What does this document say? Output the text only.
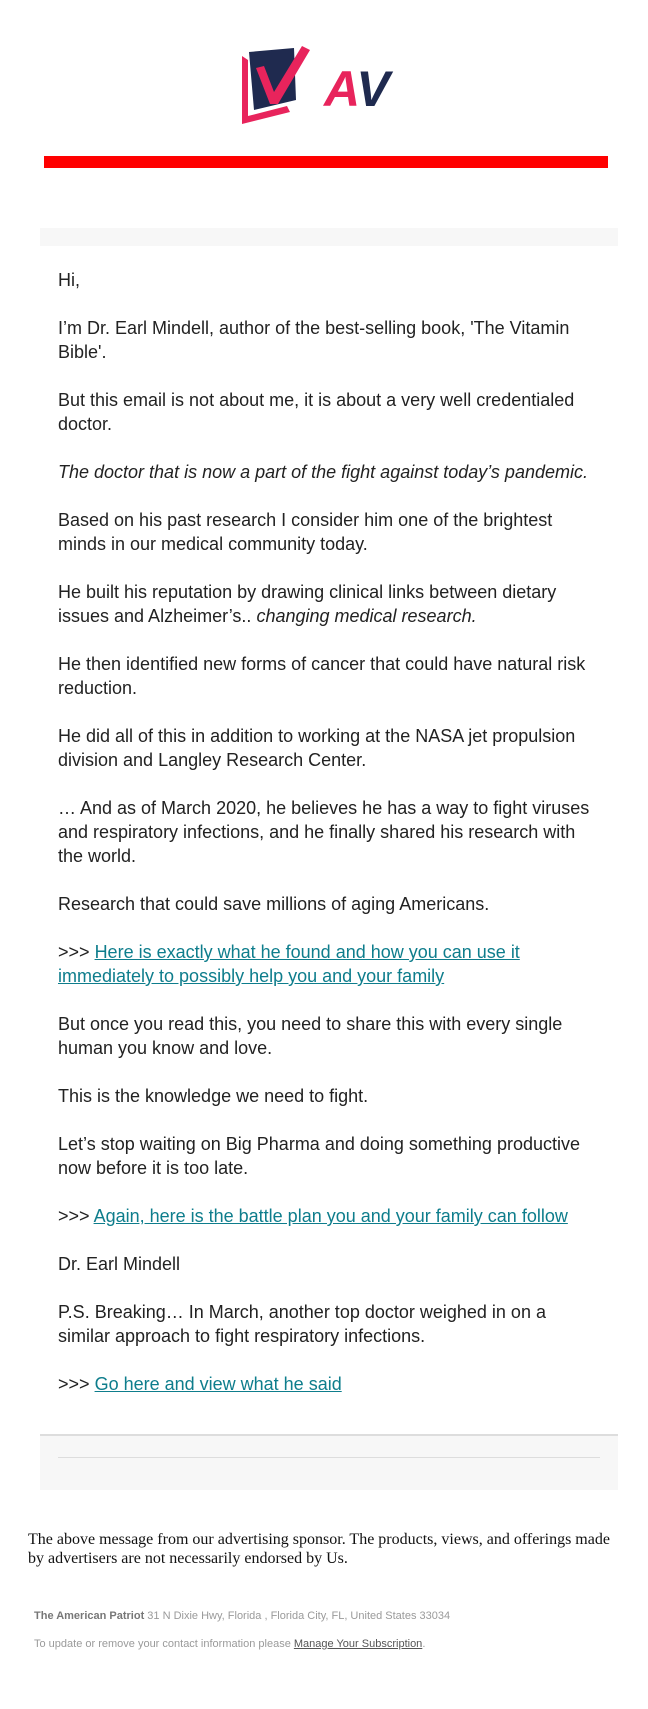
AV

Hi,

I’m Dr. Earl Mindell, author of the best-selling book, 'The Vitamin Bible'.

But this email is not about me, it is about a very well credentialed doctor.

The doctor that is now a part of the fight against today’s pandemic.

Based on his past research I consider him one of the brightest minds in our medical community today.

He built his reputation by drawing clinical links between dietary issues and Alzheimer’s.. changing medical research.

He then identified new forms of cancer that could have natural risk reduction.

He did all of this in addition to working at the NASA jet propulsion division and Langley Research Center.

… And as of March 2020, he believes he has a way to fight viruses and respiratory infections, and he finally shared his research with the world.

Research that could save millions of aging Americans.

>>> Here is exactly what he found and how you can use it immediately to possibly help you and your family

But once you read this, you need to share this with every single human you know and love.

This is the knowledge we need to fight.

Let’s stop waiting on Big Pharma and doing something productive now before it is too late.

>>> Again, here is the battle plan you and your family can follow

Dr. Earl Mindell

P.S. Breaking… In March, another top doctor weighed in on a similar approach to fight respiratory infections.

>>> Go here and view what he said

The above message from our advertising sponsor. The products, views, and offerings made by advertisers are not necessarily endorsed by Us.
The American Patriot 31 N Dixie Hwy, Florida , Florida City, FL, United States 33034
To update or remove your contact information please Manage Your Subscription.
